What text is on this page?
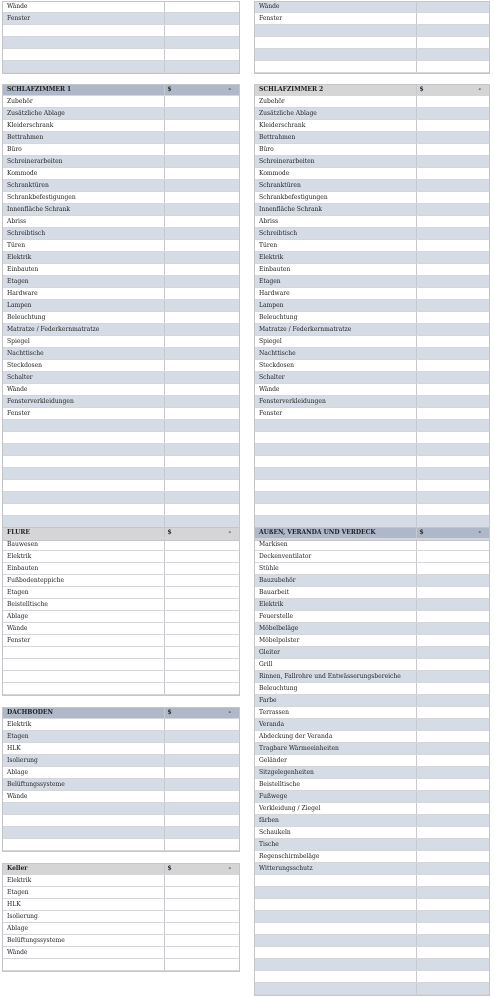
Wände	
Fenster	

Wände	
Fenster	

SCHLAFZIMMER 1	$ -
Zubehör	
Zusätzliche Ablage	
Kleiderschrank	
Bettrahmen	
Büro	
Schreinerarbeiten	
Kommode	
Schranktüren	
Schrankbefestigungen	
Innenfläche Schrank	
Abriss	
Schreibtisch	
Türen	
Elektrik	
Einbauten	
Etagen	
Hardware	
Lampen	
Beleuchtung	
Matratze / Federkernmatratze	
Spiegel	
Nachttische	
Steckdosen	
Schalter	
Wände	
Fensterverkleidungen	
Fenster	

SCHLAFZIMMER 2	$ -
Zubehör	
Zusätzliche Ablage	
Kleiderschrank	
Bettrahmen	
Büro	
Schreinerarbeiten	
Kommode	
Schranktüren	
Schrankbefestigungen	
Innenfläche Schrank	
Abriss	
Schreibtisch	
Türen	
Elektrik	
Einbauten	
Etagen	
Hardware	
Lampen	
Beleuchtung	
Matratze / Federkernmatratze	
Spiegel	
Nachttische	
Steckdosen	
Schalter	
Wände	
Fensterverkleidungen	
Fenster	

FLURE	$ -
Bauwesen	
Elektrik	
Einbauten	
Fußbodenteppiche	
Etagen	
Beistelltische	
Ablage	
Wände	
Fenster	

DACHBODEN	$ -
Elektrik	
Etagen	
HLK	
Isolierung	
Ablage	
Belüftungssysteme	
Wände	

Keller	$ -
Elektrik	
Etagen	
HLK	
Isolierung	
Ablage	
Belüftungssysteme	
Wände	

AUßEN, VERANDA UND VERDECK	$ -
Markisen	
Deckenventilator	
Stühle	
Bauzubehör	
Bauarbeit	
Elektrik	
Feuerstelle	
Möbelbeläge	
Möbelpolster	
Gleiter	
Grill	
Rinnen, Fallrohre und Entwässerungsbereiche	
Beleuchtung	
Farbe	
Terrassen	
Veranda	
Abdeckung der Veranda	
Tragbare Wärmeeinheiten	
Geländer	
Sitzgelegenheiten	
Beistelltische	
Fußwege	
Verkleidung / Ziegel	
färben	
Schaukeln	
Tische	
Regenschirmbeläge	
Witterungsschutz	
